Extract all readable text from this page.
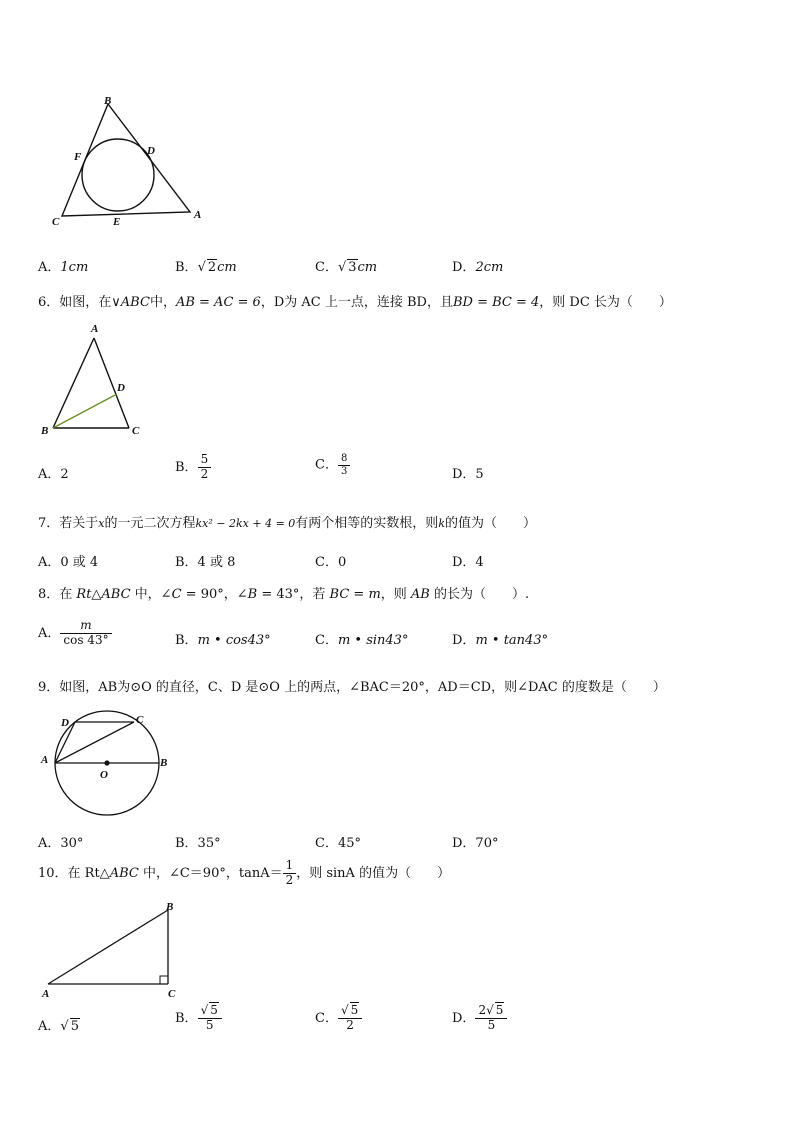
B
F	D
C	E
A
A．1cm	B．√ 2cm	C．√ 3cm	D．2cm
6．如图，在∨ABC中，AB = AC = 6，D为 AC 上一点，连接 BD，且BD = BC = 4，则 DC 长为（　　）
A
D
B	C
A．2	B． $\frac{5}{2}$	C． $\frac{8}{3}$	D．5
7．若关于x的一元二次方程kx² − 2kx + 4 = 0有两个相等的实数根，则k的值为（　　）
A．0 或 4	B．4 或 8	C．0	D．4
8．在 Rt△ABC 中，∠C = 90°，∠B = 43°，若 BC = m，则 AB 的长为（　　）.
A． $\frac{m}{\cos 43^\circ}$	B．m • cos43°	C．m • sin43°	D．m • tan43°
9．如图，AB为⊙O 的直径，C、D 是⊙O 上的两点，∠BAC＝20°，AD＝CD，则∠DAC 的度数是（　　）
D	C
A	B
O
A．30°	B．35°	C．45°	D．70°
10．在 Rt△ABC 中，∠C＝90°，$\tan A= \frac{1}{2}$ ，则 sinA 的值为（　　）
B
A	C
A．√ 5
B． $\frac{√ 5}{5}$	C． $\frac{√ 5}{2}$	D． $\frac{2√ 5}{5}$
